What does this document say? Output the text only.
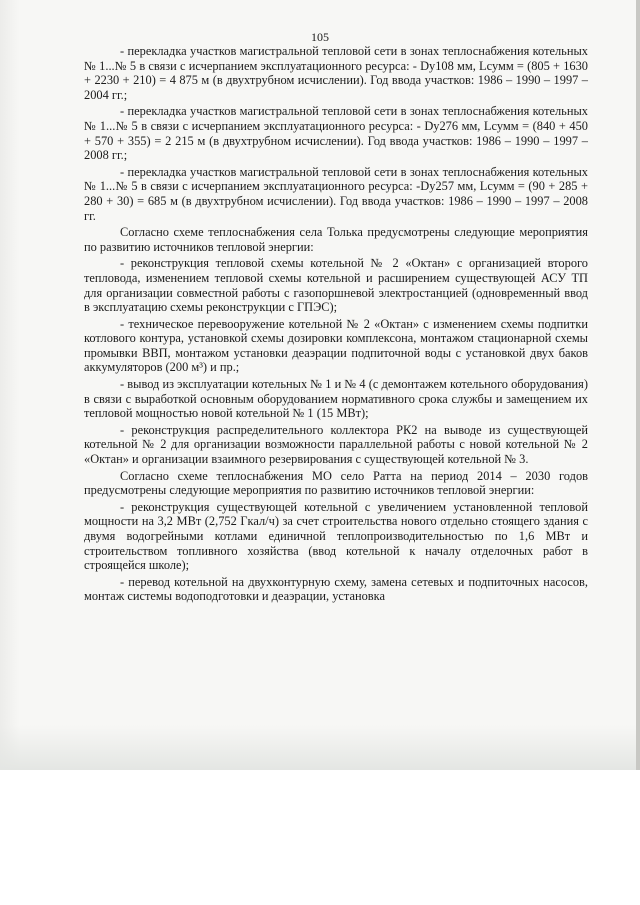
105

- перекладка участков магистральной тепловой сети в зонах теплоснабжения котельных № 1...№ 5 в связи с исчерпанием эксплуатационного ресурса: - Dy108 мм, Lсумм = (805 + 1630 + 2230 + 210) = 4 875 м (в двухтрубном исчислении). Год ввода участков: 1986 – 1990 – 1997 – 2004 гг.;

- перекладка участков магистральной тепловой сети в зонах теплоснабжения котельных № 1...№ 5 в связи с исчерпанием эксплуатационного ресурса: - Dy276 мм, Lсумм = (840 + 450 + 570 + 355) = 2 215 м (в двухтрубном исчислении). Год ввода участков: 1986 – 1990 – 1997 – 2008 гг.;

- перекладка участков магистральной тепловой сети в зонах теплоснабжения котельных № 1...№ 5 в связи с исчерпанием эксплуатационного ресурса: -Dy257 мм, Lсумм = (90 + 285 + 280 + 30) = 685 м (в двухтрубном исчислении). Год ввода участков: 1986 – 1990 – 1997 – 2008 гг.

Согласно схеме теплоснабжения села Толька предусмотрены следующие мероприятия по развитию источников тепловой энергии:

- реконструкция тепловой схемы котельной № 2 «Октан» с организацией второго тепловода, изменением тепловой схемы котельной и расширением существующей АСУ ТП для организации совместной работы с газопоршневой электростанцией (одновременный ввод в эксплуатацию схемы реконструкции с ГПЭС);

- техническое перевооружение котельной № 2 «Октан» с изменением схемы подпитки котлового контура, установкой схемы дозировки комплексона, монтажом стационарной схемы промывки ВВП, монтажом установки деаэрации подпиточной воды с установкой двух баков аккумуляторов (200 м³) и пр.;

- вывод из эксплуатации котельных № 1 и № 4 (с демонтажем котельного оборудования) в связи с выработкой основным оборудованием нормативного срока службы и замещением их тепловой мощностью новой котельной № 1 (15 МВт);

- реконструкция распределительного коллектора РК2 на выводе из существующей котельной № 2 для организации возможности параллельной работы с новой котельной № 2 «Октан» и организации взаимного резервирования с существующей котельной № 3.

Согласно схеме теплоснабжения МО село Ратта на период 2014 – 2030 годов предусмотрены следующие мероприятия по развитию источников тепловой энергии:

- реконструкция существующей котельной с увеличением установленной тепловой мощности на 3,2 МВт (2,752 Гкал/ч) за счет строительства нового отдельно стоящего здания с двумя водогрейными котлами единичной теплопроизводительностью по 1,6 МВт и строительством топливного хозяйства (ввод котельной к началу отделочных работ в строящейся школе);

- перевод котельной на двухконтурную схему, замена сетевых и подпиточных насосов, монтаж системы водоподготовки и деаэрации, установка
